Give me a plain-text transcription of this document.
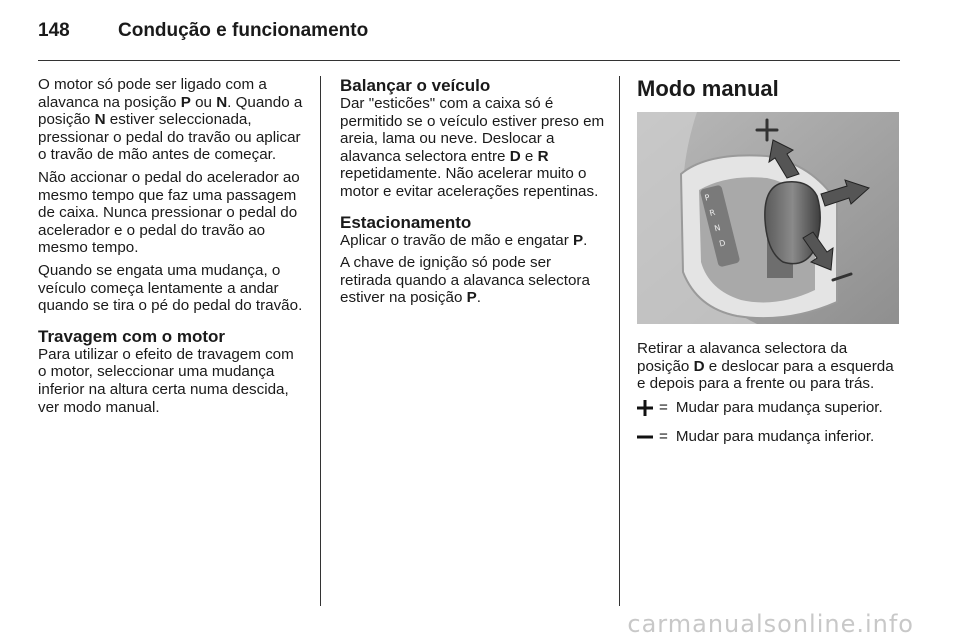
148	Condução e funcionamento

O motor só pode ser ligado com a alavanca na posição P ou N. Quando a posição N estiver seleccionada, pressionar o pedal do travão ou aplicar o travão de mão antes de começar.

Não accionar o pedal do acelerador ao mesmo tempo que faz uma passagem de caixa. Nunca pressionar o pedal do acelerador e o pedal do travão ao mesmo tempo.

Quando se engata uma mudança, o veículo começa lentamente a andar quando se tira o pé do pedal do travão.

Travagem com o motor

Para utilizar o efeito de travagem com o motor, seleccionar uma mudança inferior na altura certa numa descida, ver modo manual.

Balançar o veículo

Dar "esticões" com a caixa só é permitido se o veículo estiver preso em areia, lama ou neve. Deslocar a alavanca selectora entre D e R repetidamente. Não acelerar muito o motor e evitar acelerações repentinas.

Estacionamento

Aplicar o travão de mão e engatar P.

A chave de ignição só pode ser retirada quando a alavanca selectora estiver na posição P.

Modo manual
P
R
N
D

Retirar a alavanca selectora da posição D e deslocar para a esquerda e depois para a frente ou para trás.

= Mudar para mudança superior.
= Mudar para mudança inferior.
carmanualsonline.info
